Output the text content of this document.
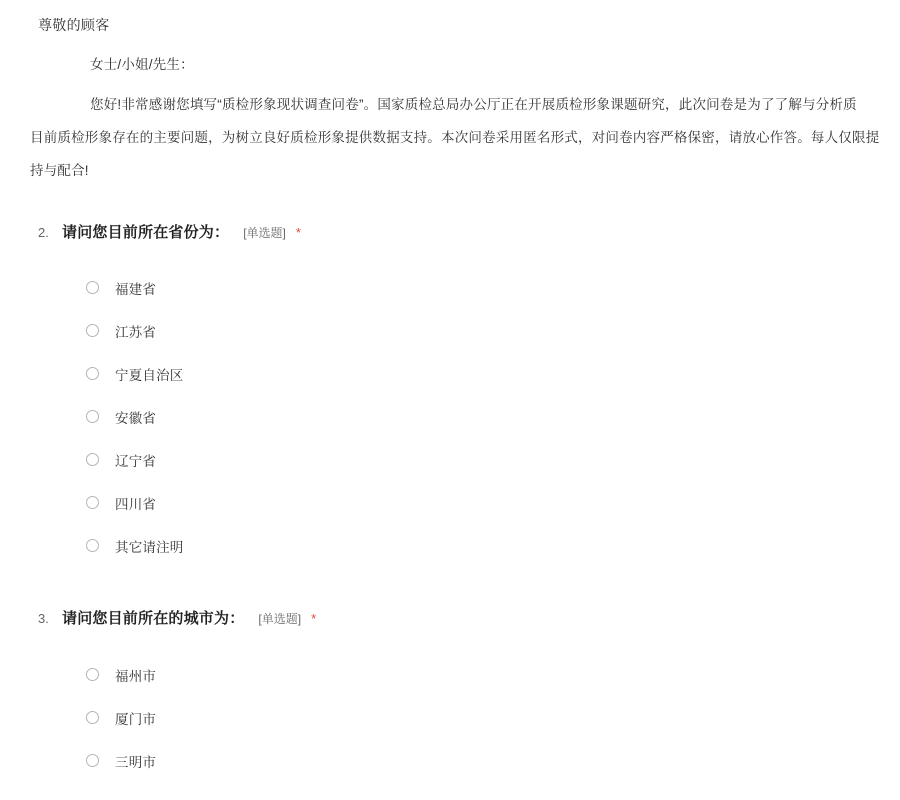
尊敬的顾客

女士/小姐/先生：

您好!非常感谢您填写“质检形象现状调查问卷”。国家质检总局办公厅正在开展质检形象课题研究，此次问卷是为了了解与分析质
目前质检形象存在的主要问题，为树立良好质检形象提供数据支持。本次问卷采用匿名形式，对问卷内容严格保密，请放心作答。每人仅限提
持与配合!

2. 请问您目前所在省份为： [单选题] *
福建省
江苏省
宁夏自治区
安徽省
辽宁省
四川省
其它请注明
3. 请问您目前所在的城市为： [单选题] *
福州市
厦门市
三明市
